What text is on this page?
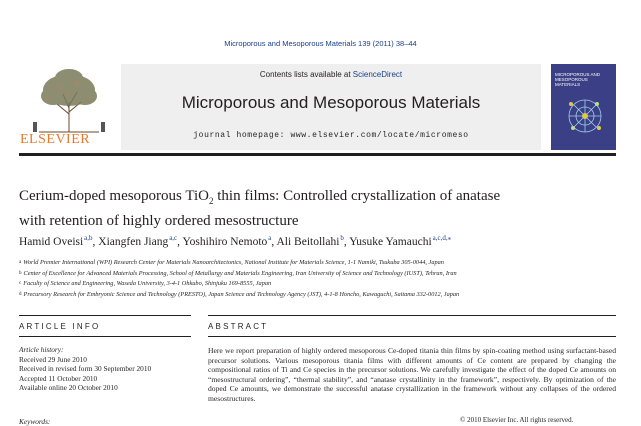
Microporous and Mesoporous Materials 139 (2011) 38–44
ELSEVIER
Contents lists available at ScienceDirect
Microporous and Mesoporous Materials
journal homepage: www.elsevier.com/locate/micromeso
MICROPOROUS AND MESOPOROUS MATERIALS
Cerium-doped mesoporous TiO$_2$ thin films: Controlled crystallization of anatase
with retention of highly ordered mesostructure
Hamid Oveisi $^{a,b}$, Xiangfen Jiang $^{a,c}$, Yoshihiro Nemoto $^a$, Ali Beitollahi $^b$, Yusuke Yamauchi $^{a,c,d,⁎}$
$^a$ World Premier International (WPI) Research Center for Materials Nanoarchitectonics, National Institute for Materials Science, 1-1 Namiki, Tsukuba 305-0044, Japan
$^b$ Center of Excellence for Advanced Materials Processing, School of Metallurgy and Materials Engineering, Iran University of Science and Technology (IUST), Tehran, Iran
$^c$ Faculty of Science and Engineering, Waseda University, 3-4-1 Ohkubo, Shinjuku 169-8555, Japan
$^d$ Precursory Research for Embryonic Science and Technology (PRESTO), Japan Science and Technology Agency (JST), 4-1-8 Honcho, Kawaguchi, Saitama 332-0012, Japan
ARTICLE INFO	ABSTRACT
Article history:
Received 29 June 2010
Received in revised form 30 September 2010
Accepted 11 October 2010
Available online 20 October 2010
Keywords:
Here we report preparation of highly ordered mesoporous Ce-doped titania thin films by spin-coating method using surfactant-based precursor solutions. Various mesoporous titania films with different amounts of Ce content are prepared by changing the compositional ratios of Ti and Ce species in the precursor solutions. We carefully investigate the effect of the doped Ce amounts on “mesostructural ordering”, “thermal stability”, and “anatase crystallinity in the framework”, respectively. By optimization of the doped Ce amounts, we demonstrate the successful anatase crystallization in the framework without any collapses of the ordered mesostructures.
© 2010 Elsevier Inc. All rights reserved.
